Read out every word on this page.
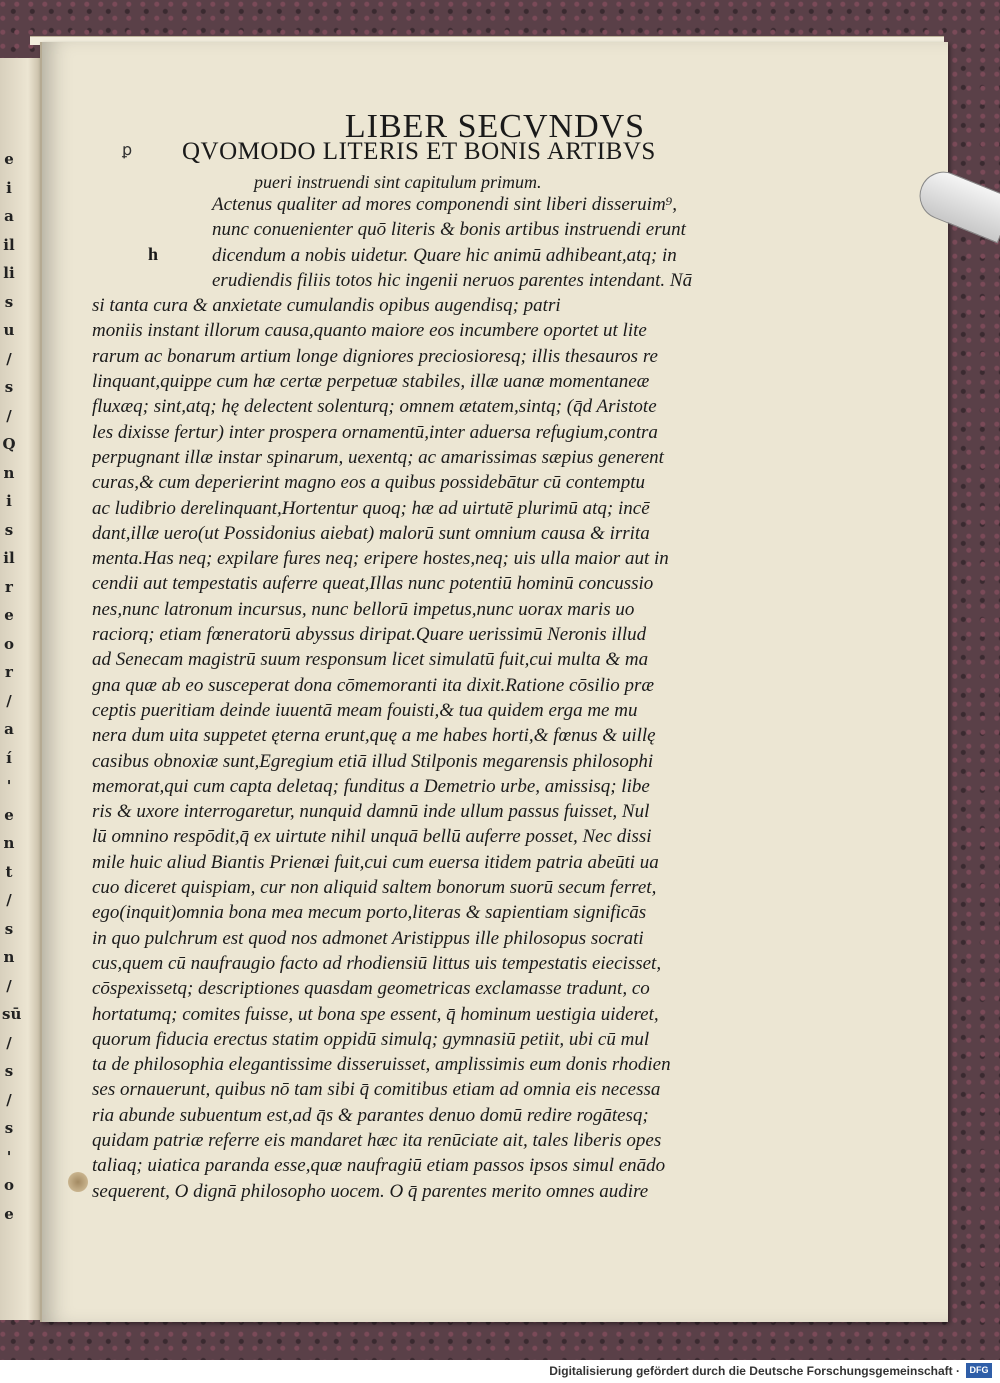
e
i
a
il
li
s
u
/
s
/
Q
n
i
s
il
r
e
o
r
/
a
í
'
e
n
t
/
s
n
/
sū
/
s
/
s
'
o
e
LIBER SECVNDVS
ꝑ QVOMODO LITERIS ET BONIS ARTIBVS
pueri instruendi sint capitulum primum.
h
Actenus qualiter ad mores componendi sint liberi disseruim⁹,
nunc conuenienter quō literis & bonis artibus instruendi erunt
dicendum a nobis uidetur. Quare hic animū adhibeant,atq; in
erudiendis filiis totos hic ingenii neruos parentes intendant. Nā
si tanta cura & anxietate cumulandis opibus augendisq; patri
moniis instant illorum causa,quanto maiore eos incumbere oportet ut lite
rarum ac bonarum artium longe digniores preciosioresq; illis thesauros re
linquant,quippe cum hæ certæ perpetuæ stabiles, illæ uanæ momentaneæ
fluxæq; sint,atq; hę delectent solenturq; omnem ætatem,sintq; (q̄d Aristote
les dixisse fertur) inter prospera ornamentū,inter aduersa refugium,contra
perpugnant illæ instar spinarum, uexentq; ac amarissimas sæpius generent
curas,& cum deperierint magno eos a quibus possidebātur cū contemptu
ac ludibrio derelinquant,Hortentur quoq; hæ ad uirtutē plurimū atq; incē
dant,illæ uero(ut Possidonius aiebat) malorū sunt omnium causa & irrita
menta.Has neq; expilare fures neq; eripere hostes,neq; uis ulla maior aut in
cendii aut tempestatis auferre queat,Illas nunc potentiū hominū concussio
nes,nunc latronum incursus, nunc bellorū impetus,nunc uorax maris uo
raciorq; etiam fœneratorū abyssus diripat.Quare uerissimū Neronis illud
ad Senecam magistrū suum responsum licet simulatū fuit,cui multa & ma
gna quæ ab eo susceperat dona cōmemoranti ita dixit.Ratione cōsilio præ
ceptis pueritiam deinde iuuentā meam fouisti,& tua quidem erga me mu
nera dum uita suppetet ęterna erunt,quę a me habes horti,& fœnus & uillę
casibus obnoxiæ sunt,Egregium etiā illud Stilponis megarensis philosophi
memorat,qui cum capta deletaq; funditus a Demetrio urbe, amissisq; libe
ris & uxore interrogaretur, nunquid damnū inde ullum passus fuisset, Nul
lū omnino respōdit,q̄ ex uirtute nihil unquā bellū auferre posset, Nec dissi
mile huic aliud Biantis Prienæi fuit,cui cum euersa itidem patria abeūti ua
cuo diceret quispiam, cur non aliquid saltem bonorum suorū secum ferret,
ego(inquit)omnia bona mea mecum porto,literas & sapientiam significās
in quo pulchrum est quod nos admonet Aristippus ille philosopus socrati
cus,quem cū naufraugio facto ad rhodiensiū littus uis tempestatis eiecisset,
cōspexissetq; descriptiones quasdam geometricas exclamasse tradunt, co
hortatumq; comites fuisse, ut bona spe essent, q̄ hominum uestigia uideret,
quorum fiducia erectus statim oppidū simulq; gymnasiū petiit, ubi cū mul
ta de philosophia elegantissime disseruisset, amplissimis eum donis rhodien
ses ornauerunt, quibus nō tam sibi q̄ comitibus etiam ad omnia eis necessa
ria abunde subuentum est,ad q̄s & parantes denuo domū redire rogātesq;
quidam patriæ referre eis mandaret hæc ita renūciate ait, tales liberis opes
taliaq; uiatica paranda esse,quæ naufragiū etiam passos ipsos simul enādo
sequerent, O dignā philosopho uocem. O q̄ parentes merito omnes audire
Digitalisierung gefördert durch die Deutsche Forschungsgemeinschaft ·	DFG
